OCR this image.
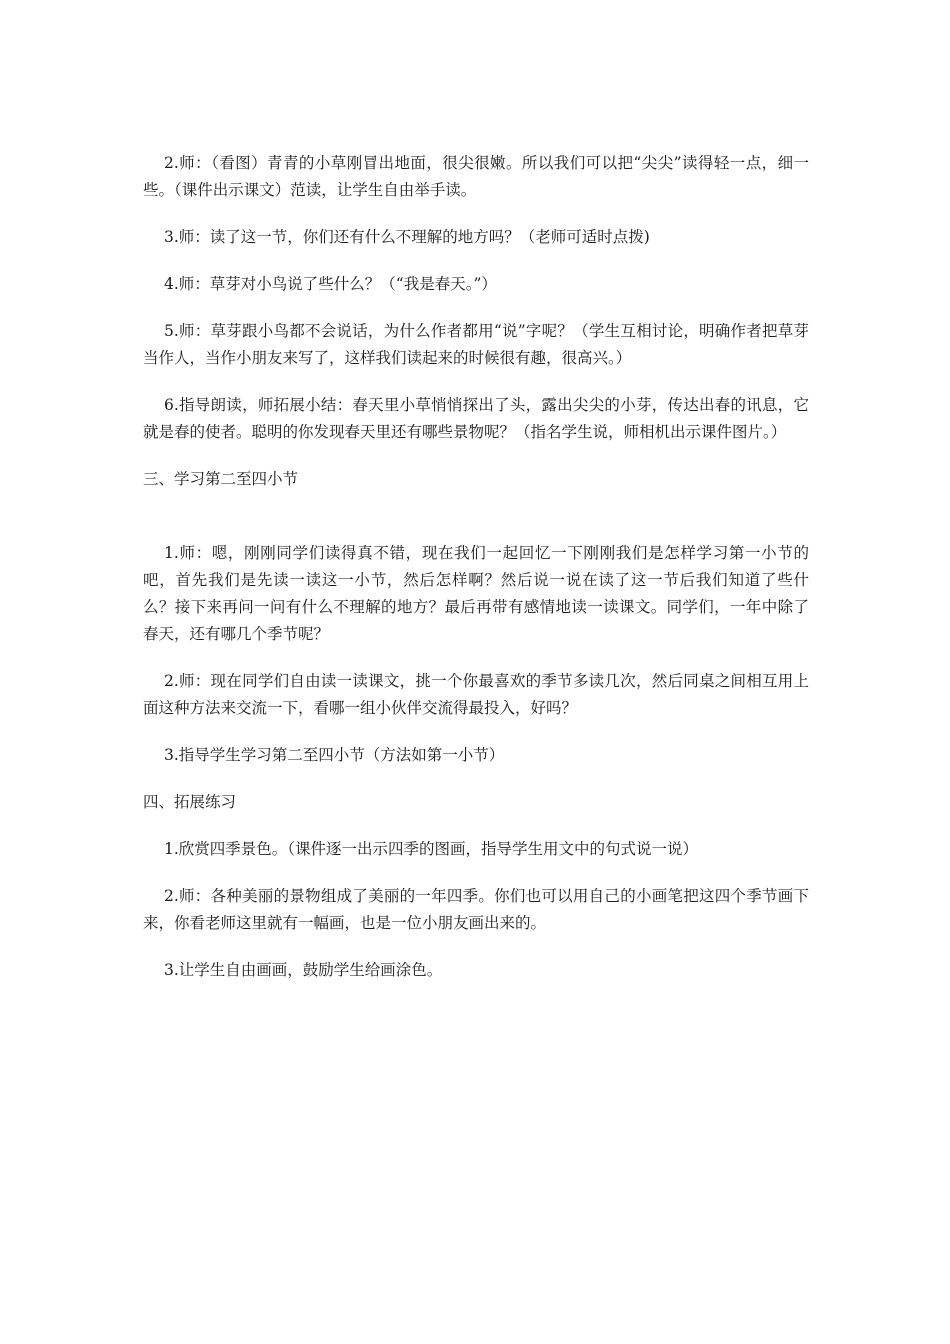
2.师：（看图）青青的小草刚冒出地面，很尖很嫩。所以我们可以把“尖尖”读得轻一点，细一些。（课件出示课文）范读，让学生自由举手读。

3.师：读了这一节，你们还有什么不理解的地方吗？（老师可适时点拨)

4.师：草芽对小鸟说了些什么？（“我是春天。”）

5.师：草芽跟小鸟都不会说话，为什么作者都用“说”字呢？（学生互相讨论，明确作者把草芽当作人，当作小朋友来写了，这样我们读起来的时候很有趣，很高兴。）

6.指导朗读，师拓展小结：春天里小草悄悄探出了头，露出尖尖的小芽，传达出春的讯息，它就是春的使者。聪明的你发现春天里还有哪些景物呢？（指名学生说，师相机出示课件图片。）

三、学习第二至四小节

1.师：嗯，刚刚同学们读得真不错，现在我们一起回忆一下刚刚我们是怎样学习第一小节的吧，首先我们是先读一读这一小节，然后怎样啊？然后说一说在读了这一节后我们知道了些什么？接下来再问一问有什么不理解的地方？最后再带有感情地读一读课文。同学们，一年中除了春天，还有哪几个季节呢？

2.师：现在同学们自由读一读课文，挑一个你最喜欢的季节多读几次，然后同桌之间相互用上面这种方法来交流一下，看哪一组小伙伴交流得最投入，好吗？

3.指导学生学习第二至四小节（方法如第一小节）

四、拓展练习

1.欣赏四季景色。（课件逐一出示四季的图画，指导学生用文中的句式说一说）

2.师：各种美丽的景物组成了美丽的一年四季。你们也可以用自己的小画笔把这四个季节画下来，你看老师这里就有一幅画，也是一位小朋友画出来的。

3.让学生自由画画，鼓励学生给画涂色。
